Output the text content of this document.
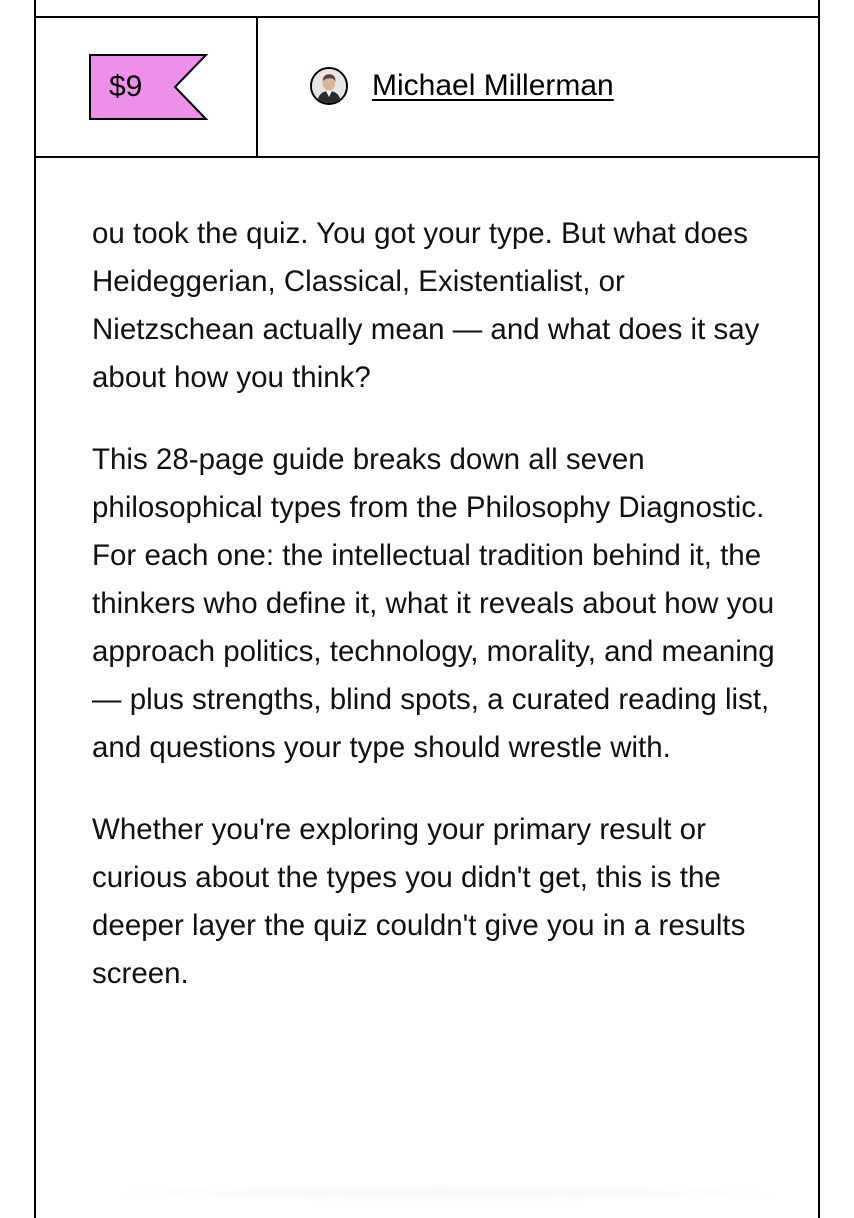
$9	Michael Millerman

ou took the quiz. You got your type. But what does Heideggerian, Classical, Existentialist, or Nietzschean actually mean — and what does it say about how you think?

This 28-page guide breaks down all seven philosophical types from the Philosophy Diagnostic. For each one: the intellectual tradition behind it, the thinkers who define it, what it reveals about how you approach politics, technology, morality, and meaning — plus strengths, blind spots, a curated reading list, and questions your type should wrestle with.

Whether you're exploring your primary result or curious about the types you didn't get, this is the deeper layer the quiz couldn't give you in a results screen.
